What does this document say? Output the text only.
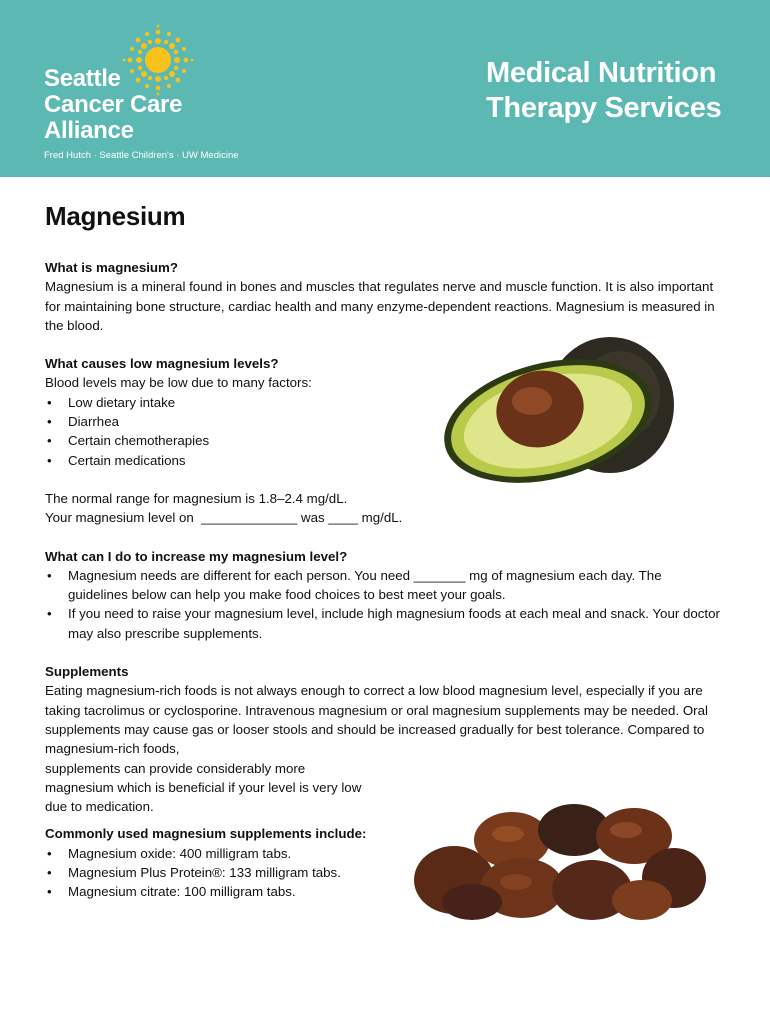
Seattle
Cancer Care
Alliance
Fred Hutch · Seattle Children's · UW Medicine
Medical Nutrition
Therapy Services
Magnesium

What is magnesium?

Magnesium is a mineral found in bones and muscles that regulates nerve and muscle function. It is also important for maintaining bone structure, cardiac health and many enzyme-dependent reactions. Magnesium is measured in the blood.

What causes low magnesium levels?

Blood levels may be low due to many factors:

• Low dietary intake
• Diarrhea
• Certain chemotherapies
• Certain medications

The normal range for magnesium is 1.8–2.4 mg/dL.

Your magnesium level on  _____________ was ____ mg/dL.

What can I do to increase my magnesium level?

• Magnesium needs are different for each person. You need _______ mg of magnesium each day. The guidelines below can help you make food choices to best meet your goals.
• If you need to raise your magnesium level, include high magnesium foods at each meal and snack. Your doctor may also prescribe supplements.

Supplements

Eating magnesium-rich foods is not always enough to correct a low blood magnesium level, especially if you are taking tacrolimus or cyclosporine. Intravenous magnesium or oral magnesium supplements may be needed. Oral supplements may cause gas or looser stools and should be increased gradually for best tolerance. Compared to magnesium-rich foods,

supplements can provide considerably more magnesium which is beneficial if your level is very low due to medication.

Commonly used magnesium supplements include:

• Magnesium oxide: 400 milligram tabs.
• Magnesium Plus Protein®: 133 milligram tabs.
• Magnesium citrate: 100 milligram tabs.
